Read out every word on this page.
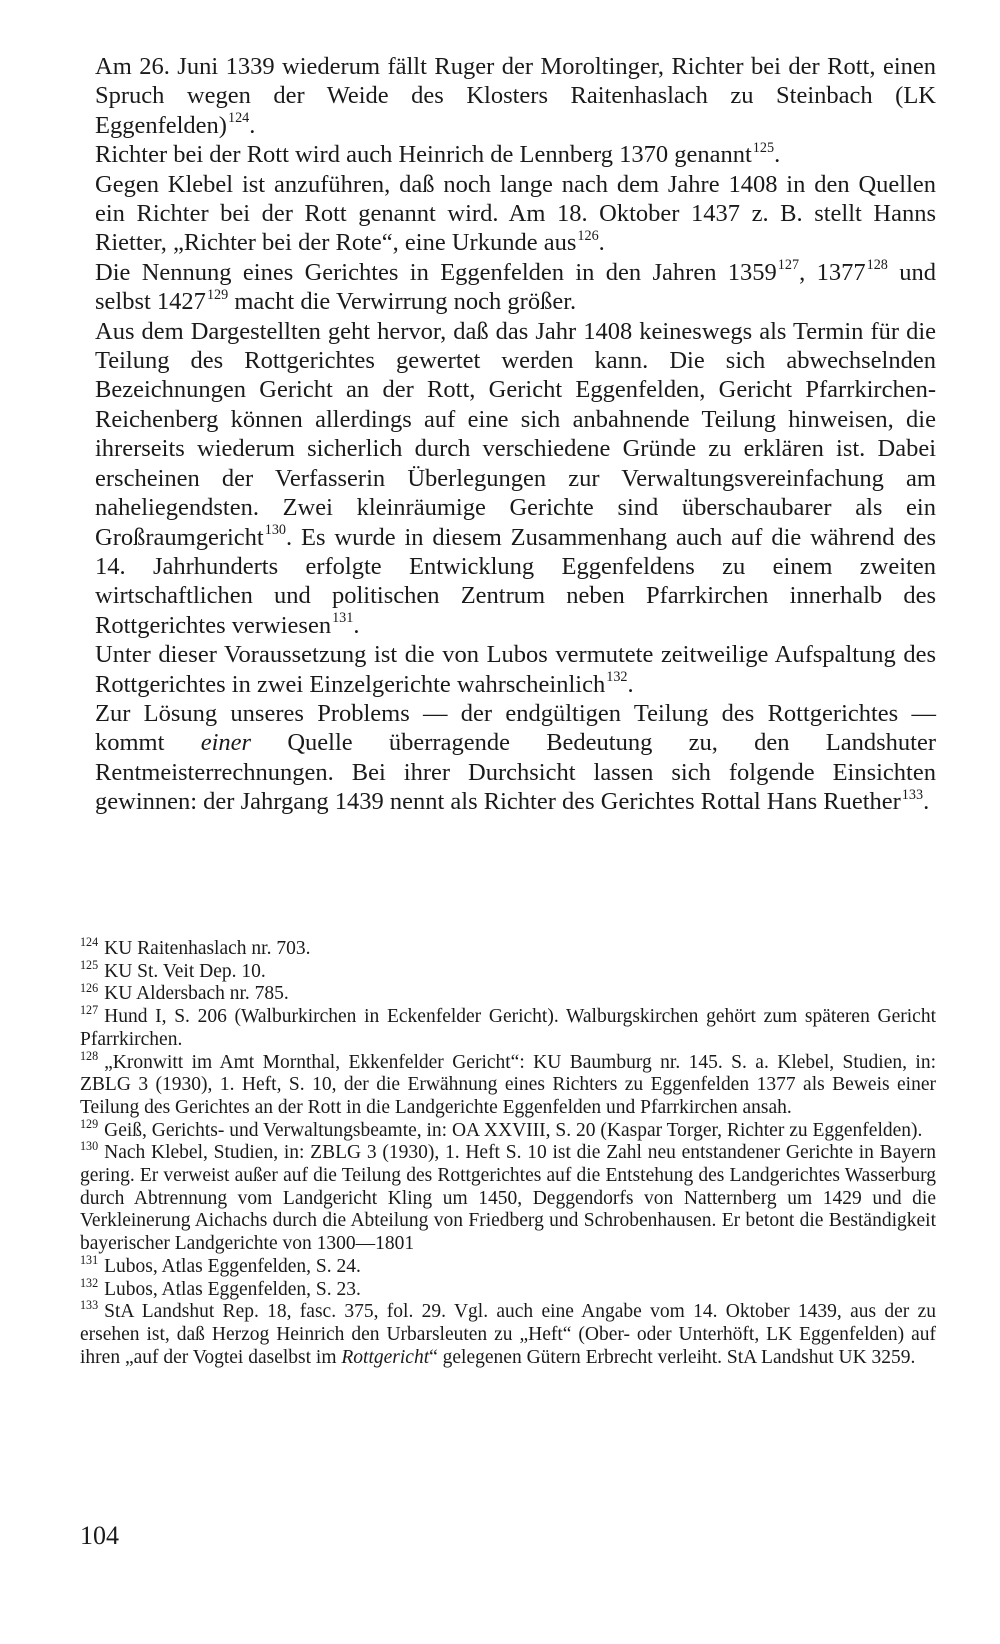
Am 26. Juni 1339 wiederum fällt Ruger der Moroltinger, Richter bei der Rott, einen Spruch wegen der Weide des Klosters Raitenhaslach zu Steinbach (LK Eggenfelden)$^{124}$.

Richter bei der Rott wird auch Heinrich de Lennberg 1370 genannt$^{125}$.

Gegen Klebel ist anzuführen, daß noch lange nach dem Jahre 1408 in den Quellen ein Richter bei der Rott genannt wird. Am 18. Oktober 1437 z. B. stellt Hanns Rietter, „Richter bei der Rote“, eine Urkunde aus$^{126}$.

Die Nennung eines Gerichtes in Eggenfelden in den Jahren 1359$^{127}$, 1377$^{128}$ und selbst 1427$^{129}$ macht die Verwirrung noch größer.

Aus dem Dargestellten geht hervor, daß das Jahr 1408 keineswegs als Termin für die Teilung des Rottgerichtes gewertet werden kann. Die sich abwechselnden Bezeichnungen Gericht an der Rott, Gericht Eggenfelden, Gericht Pfarrkirchen-Reichenberg können allerdings auf eine sich anbahnende Teilung hinweisen, die ihrerseits wiederum sicherlich durch verschiedene Gründe zu erklären ist. Dabei erscheinen der Verfasserin Überlegungen zur Verwaltungsvereinfachung am naheliegendsten. Zwei kleinräumige Gerichte sind überschaubarer als ein Großraumgericht$^{130}$. Es wurde in diesem Zusammenhang auch auf die während des 14. Jahrhunderts erfolgte Entwicklung Eggenfeldens zu einem zweiten wirtschaftlichen und politischen Zentrum neben Pfarrkirchen innerhalb des Rottgerichtes verwiesen$^{131}$.

Unter dieser Voraussetzung ist die von Lubos vermutete zeitweilige Aufspaltung des Rottgerichtes in zwei Einzelgerichte wahrscheinlich$^{132}$.

Zur Lösung unseres Problems — der endgültigen Teilung des Rottgerichtes — kommt einer Quelle überragende Bedeutung zu, den Landshuter Rentmeisterrechnungen. Bei ihrer Durchsicht lassen sich folgende Einsichten gewinnen: der Jahrgang 1439 nennt als Richter des Gerichtes Rottal Hans Ruether$^{133}$.

$^{124}$ KU Raitenhaslach nr. 703.

$^{125}$ KU St. Veit Dep. 10.

$^{126}$ KU Aldersbach nr. 785.

$^{127}$ Hund I, S. 206 (Walburkirchen in Eckenfelder Gericht). Walburgskirchen gehört zum späteren Gericht Pfarrkirchen.

$^{128}$ „Kronwitt im Amt Mornthal, Ekkenfelder Gericht“: KU Baumburg nr. 145. S. a. Klebel, Studien, in: ZBLG 3 (1930), 1. Heft, S. 10, der die Erwähnung eines Richters zu Eggenfelden 1377 als Beweis einer Teilung des Gerichtes an der Rott in die Landgerichte Eggenfelden und Pfarrkirchen ansah.

$^{129}$ Geiß, Gerichts- und Verwaltungsbeamte, in: OA XXVIII, S. 20 (Kaspar Torger, Richter zu Eggenfelden).

$^{130}$ Nach Klebel, Studien, in: ZBLG 3 (1930), 1. Heft S. 10 ist die Zahl neu entstandener Gerichte in Bayern gering. Er verweist außer auf die Teilung des Rottgerichtes auf die Entstehung des Landgerichtes Wasserburg durch Abtrennung vom Landgericht Kling um 1450, Deggendorfs von Natternberg um 1429 und die Verkleinerung Aichachs durch die Abteilung von Friedberg und Schrobenhausen. Er betont die Beständigkeit bayerischer Landgerichte von 1300—1801

$^{131}$ Lubos, Atlas Eggenfelden, S. 24.

$^{132}$ Lubos, Atlas Eggenfelden, S. 23.

$^{133}$ StA Landshut Rep. 18, fasc. 375, fol. 29. Vgl. auch eine Angabe vom 14. Oktober 1439, aus der zu ersehen ist, daß Herzog Heinrich den Urbarsleuten zu „Heft“ (Ober- oder Unterhöft, LK Eggenfelden) auf ihren „auf der Vogtei daselbst im Rottgericht“ gelegenen Gütern Erbrecht verleiht. StA Landshut UK 3259.

104
